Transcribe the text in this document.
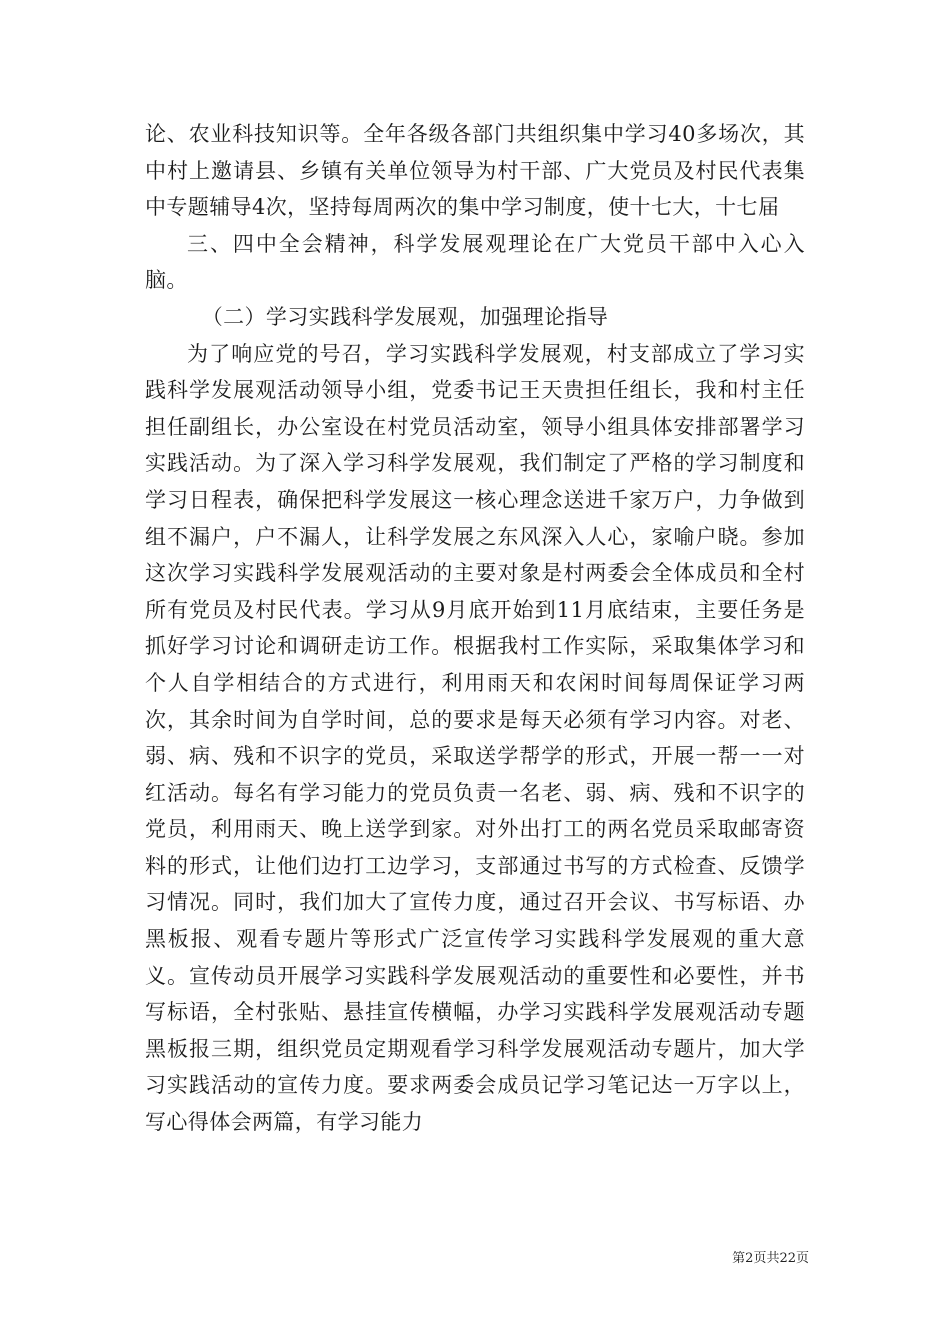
论、农业科技知识等。全年各级各部门共组织集中学习40多场次，其中村上邀请县、乡镇有关单位领导为村干部、广大党员及村民代表集中专题辅导4次，坚持每周两次的集中学习制度，使十七大，十七届

三、四中全会精神，科学发展观理论在广大党员干部中入心入脑。

（二）学习实践科学发展观，加强理论指导

为了响应党的号召，学习实践科学发展观，村支部成立了学习实践科学发展观活动领导小组，党委书记王天贵担任组长，我和村主任担任副组长，办公室设在村党员活动室，领导小组具体安排部署学习实践活动。为了深入学习科学发展观，我们制定了严格的学习制度和学习日程表，确保把科学发展这一核心理念送进千家万户，力争做到组不漏户，户不漏人，让科学发展之东风深入人心，家喻户晓。参加这次学习实践科学发展观活动的主要对象是村两委会全体成员和全村所有党员及村民代表。学习从9月底开始到11月底结束，主要任务是抓好学习讨论和调研走访工作。根据我村工作实际，采取集体学习和个人自学相结合的方式进行，利用雨天和农闲时间每周保证学习两次，其余时间为自学时间，总的要求是每天必须有学习内容。对老、弱、病、残和不识字的党员，采取送学帮学的形式，开展一帮一一对红活动。每名有学习能力的党员负责一名老、弱、病、残和不识字的党员，利用雨天、晚上送学到家。对外出打工的两名党员采取邮寄资料的形式，让他们边打工边学习，支部通过书写的方式检查、反馈学习情况。同时，我们加大了宣传力度，通过召开会议、书写标语、办黑板报、观看专题片等形式广泛宣传学习实践科学发展观的重大意义。宣传动员开展学习实践科学发展观活动的重要性和必要性，并书写标语，全村张贴、悬挂宣传横幅，办学习实践科学发展观活动专题黑板报三期，组织党员定期观看学习科学发展观活动专题片，加大学习实践活动的宣传力度。要求两委会成员记学习笔记达一万字以上，写心得体会两篇，有学习能力

第2页共22页
